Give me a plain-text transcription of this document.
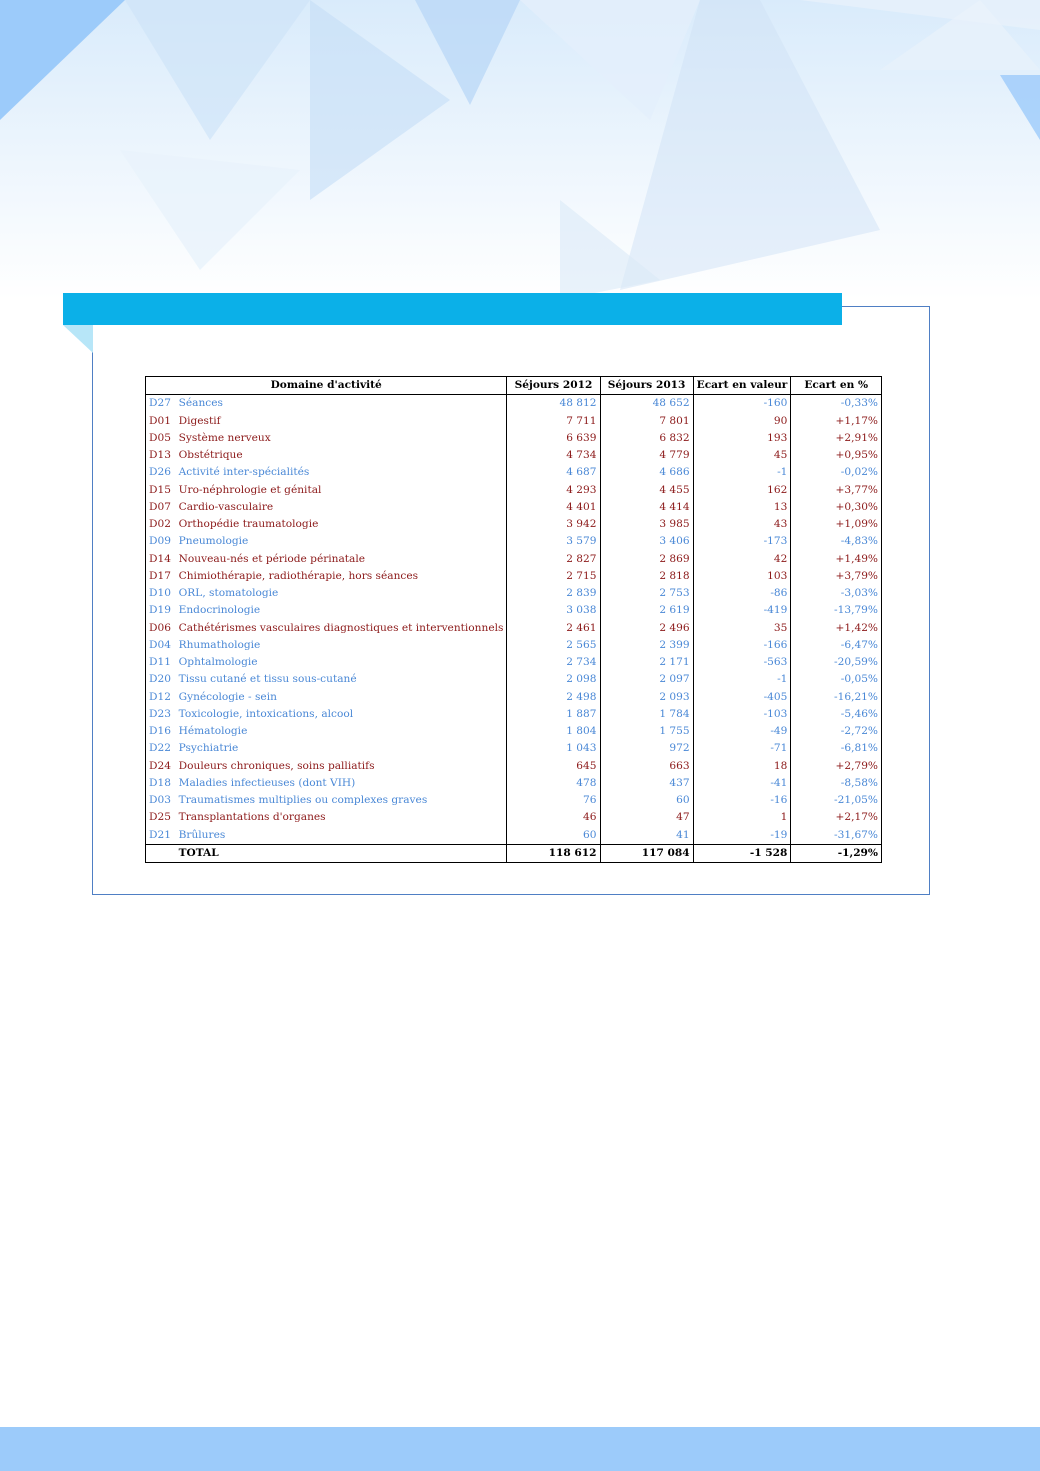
Domaine d'activité		Séjours 2012	Séjours 2013	Ecart en valeur	Ecart en %
D27	Séances	48 812	48 652	-160	-0,33%
D01	Digestif	7 711	7 801	90	+1,17%
D05	Système nerveux	6 639	6 832	193	+2,91%
D13	Obstétrique	4 734	4 779	45	+0,95%
D26	Activité inter-spécialités	4 687	4 686	-1	-0,02%
D15	Uro-néphrologie et génital	4 293	4 455	162	+3,77%
D07	Cardio-vasculaire	4 401	4 414	13	+0,30%
D02	Orthopédie traumatologie	3 942	3 985	43	+1,09%
D09	Pneumologie	3 579	3 406	-173	-4,83%
D14	Nouveau-nés et période périnatale	2 827	2 869	42	+1,49%
D17	Chimiothérapie, radiothérapie, hors séances	2 715	2 818	103	+3,79%
D10	ORL, stomatologie	2 839	2 753	-86	-3,03%
D19	Endocrinologie	3 038	2 619	-419	-13,79%
D06	Cathétérismes vasculaires diagnostiques et interventionnels	2 461	2 496	35	+1,42%
D04	Rhumathologie	2 565	2 399	-166	-6,47%
D11	Ophtalmologie	2 734	2 171	-563	-20,59%
D20	Tissu cutané et tissu sous-cutané	2 098	2 097	-1	-0,05%
D12	Gynécologie - sein	2 498	2 093	-405	-16,21%
D23	Toxicologie, intoxications, alcool	1 887	1 784	-103	-5,46%
D16	Hématologie	1 804	1 755	-49	-2,72%
D22	Psychiatrie	1 043	972	-71	-6,81%
D24	Douleurs chroniques, soins palliatifs	645	663	18	+2,79%
D18	Maladies infectieuses (dont VIH)	478	437	-41	-8,58%
D03	Traumatismes multiplies ou complexes graves	76	60	-16	-21,05%
D25	Transplantations d'organes	46	47	1	+2,17%
D21	Brûlures	60	41	-19	-31,67%
	TOTAL	118 612	117 084	-1 528	-1,29%
